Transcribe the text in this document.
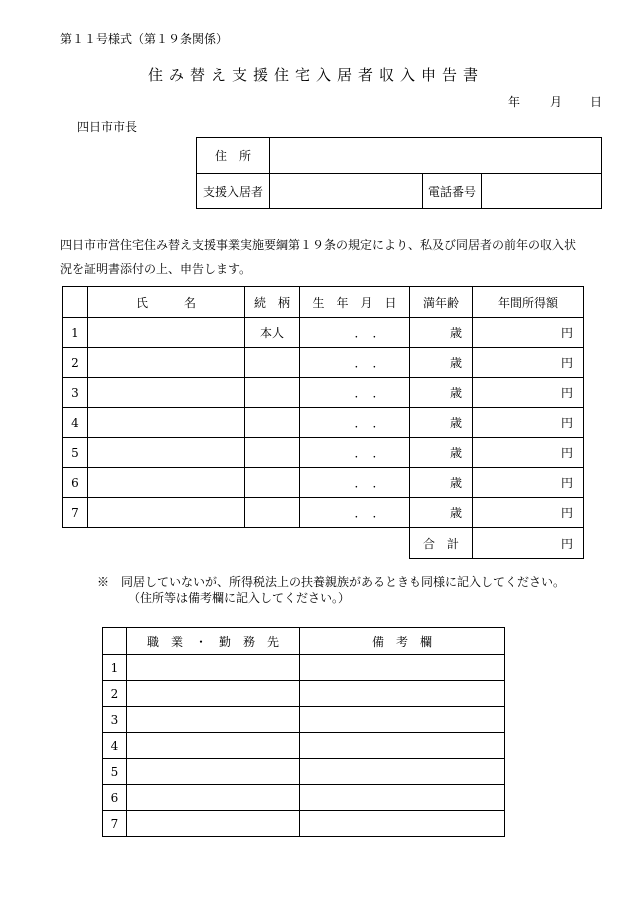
第１１号様式（第１９条関係）
住み替え支援住宅入居者収入申告書
年 月 日
四日市市長
住　所			
支援入居者		電話番号	
四日市市営住宅住み替え支援事業実施要綱第１９条の規定により、私及び同居者の前年の収入状
況を証明書添付の上、申告します。
	氏　　　名	続　柄	生　年　月　日	満年齢	年間所得額
1		本人	．　．	歳	円
2			．　．	歳	円
3			．　．	歳	円
4			．　．	歳	円
5			．　．	歳	円
6			．　．	歳	円
7			．　．	歳	円
				合　計	円
※　同居していないが、所得税法上の扶養親族があるときも同様に記入してください。
（住所等は備考欄に記入してください。）
	職　業　・　勤　務　先	備　考　欄
1		
2		
3		
4		
5		
6		
7		
